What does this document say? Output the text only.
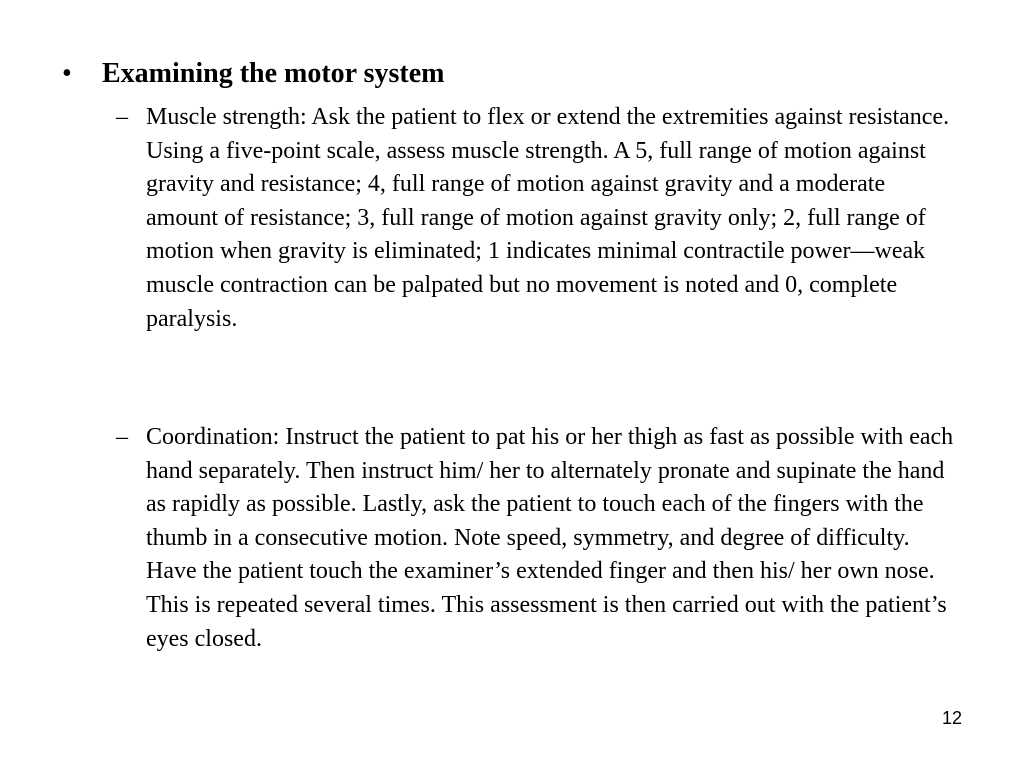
• Examining the motor system
– Muscle strength: Ask the patient to flex or extend the extremities against resistance. Using a five-point scale, assess muscle strength. A 5, full range of motion against gravity and resistance; 4, full range of motion against gravity and a moderate amount of resistance; 3, full range of motion against gravity only; 2, full range of motion when gravity is eliminated; 1 indicates minimal contractile power—weak muscle contraction can be palpated but no movement is noted and 0, complete paralysis.
– Coordination: Instruct the patient to pat his or her thigh as fast as possible with each hand separately. Then instruct him/ her to alternately pronate and supinate the hand as rapidly as possible. Lastly, ask the patient to touch each of the fingers with the thumb in a consecutive motion. Note speed, symmetry, and degree of difficulty. Have the patient touch the examiner’s extended finger and then his/ her own nose. This is repeated several times. This assessment is then carried out with the patient’s eyes closed.
12
